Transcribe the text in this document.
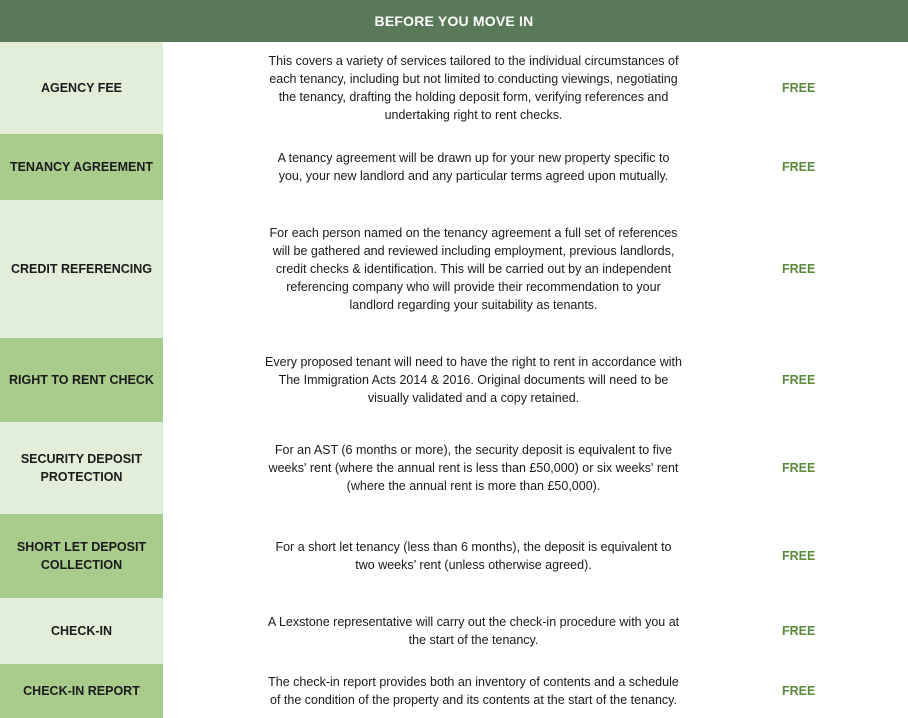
BEFORE YOU MOVE IN
AGENCY FEE
This covers a variety of services tailored to the individual circumstances of each tenancy, including but not limited to conducting viewings, negotiating the tenancy, drafting the holding deposit form, verifying references and undertaking right to rent checks.
FREE
TENANCY AGREEMENT
A tenancy agreement will be drawn up for your new property specific to you, your new landlord and any particular terms agreed upon mutually.
FREE
CREDIT REFERENCING
For each person named on the tenancy agreement a full set of references will be gathered and reviewed including employment, previous landlords, credit checks & identification. This will be carried out by an independent referencing company who will provide their recommendation to your landlord regarding your suitability as tenants.
FREE
RIGHT TO RENT CHECK
Every proposed tenant will need to have the right to rent in accordance with The Immigration Acts 2014 & 2016. Original documents will need to be visually validated and a copy retained.
FREE
SECURITY DEPOSIT PROTECTION
For an AST (6 months or more), the security deposit is equivalent to five weeks' rent (where the annual rent is less than £50,000) or six weeks' rent (where the annual rent is more than £50,000).
FREE
SHORT LET DEPOSIT COLLECTION
For a short let tenancy (less than 6 months), the deposit is equivalent to two weeks’ rent (unless otherwise agreed).
FREE
CHECK-IN
A Lexstone representative will carry out the check-in procedure with you at the start of the tenancy.
FREE
CHECK-IN REPORT
The check-in report provides both an inventory of contents and a schedule of the condition of the property and its contents at the start of the tenancy.
FREE
